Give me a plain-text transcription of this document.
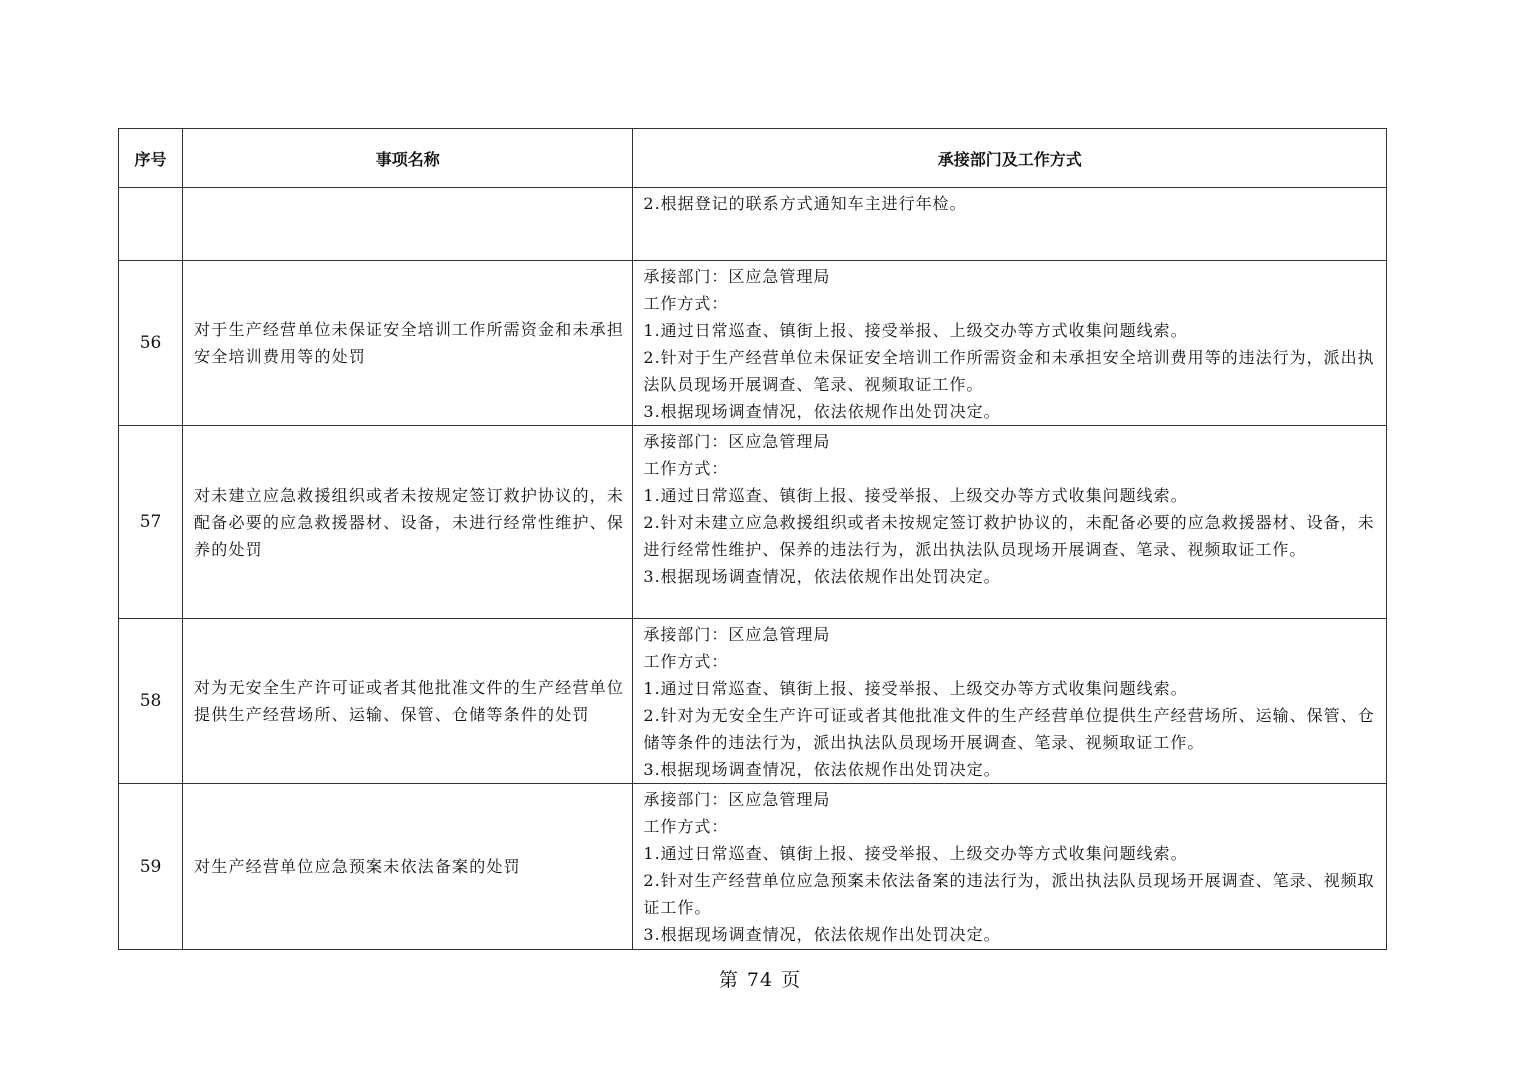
序号	事项名称	承接部门及工作方式

		2.根据登记的联系方式通知车主进行年检。

56	对于生产经营单位未保证安全培训工作所需资金和未承担安全培训费用等的处罚	承接部门：区应急管理局
工作方式：
1.通过日常巡查、镇街上报、接受举报、上级交办等方式收集问题线索。
2.针对于生产经营单位未保证安全培训工作所需资金和未承担安全培训费用等的违法行为，派出执法队员现场开展调查、笔录、视频取证工作。
3.根据现场调查情况，依法依规作出处罚决定。

57	对未建立应急救援组织或者未按规定签订救护协议的，未配备必要的应急救援器材、设备，未进行经常性维护、保养的处罚	承接部门：区应急管理局
工作方式：
1.通过日常巡查、镇街上报、接受举报、上级交办等方式收集问题线索。
2.针对未建立应急救援组织或者未按规定签订救护协议的，未配备必要的应急救援器材、设备，未进行经常性维护、保养的违法行为，派出执法队员现场开展调查、笔录、视频取证工作。
3.根据现场调查情况，依法依规作出处罚决定。

58	对为无安全生产许可证或者其他批准文件的生产经营单位提供生产经营场所、运输、保管、仓储等条件的处罚	承接部门：区应急管理局
工作方式：
1.通过日常巡查、镇街上报、接受举报、上级交办等方式收集问题线索。
2.针对为无安全生产许可证或者其他批准文件的生产经营单位提供生产经营场所、运输、保管、仓储等条件的违法行为，派出执法队员现场开展调查、笔录、视频取证工作。
3.根据现场调查情况，依法依规作出处罚决定。

59	对生产经营单位应急预案未依法备案的处罚	承接部门：区应急管理局
工作方式：
1.通过日常巡查、镇街上报、接受举报、上级交办等方式收集问题线索。
2.针对生产经营单位应急预案未依法备案的违法行为，派出执法队员现场开展调查、笔录、视频取证工作。
3.根据现场调查情况，依法依规作出处罚决定。
第 74 页
